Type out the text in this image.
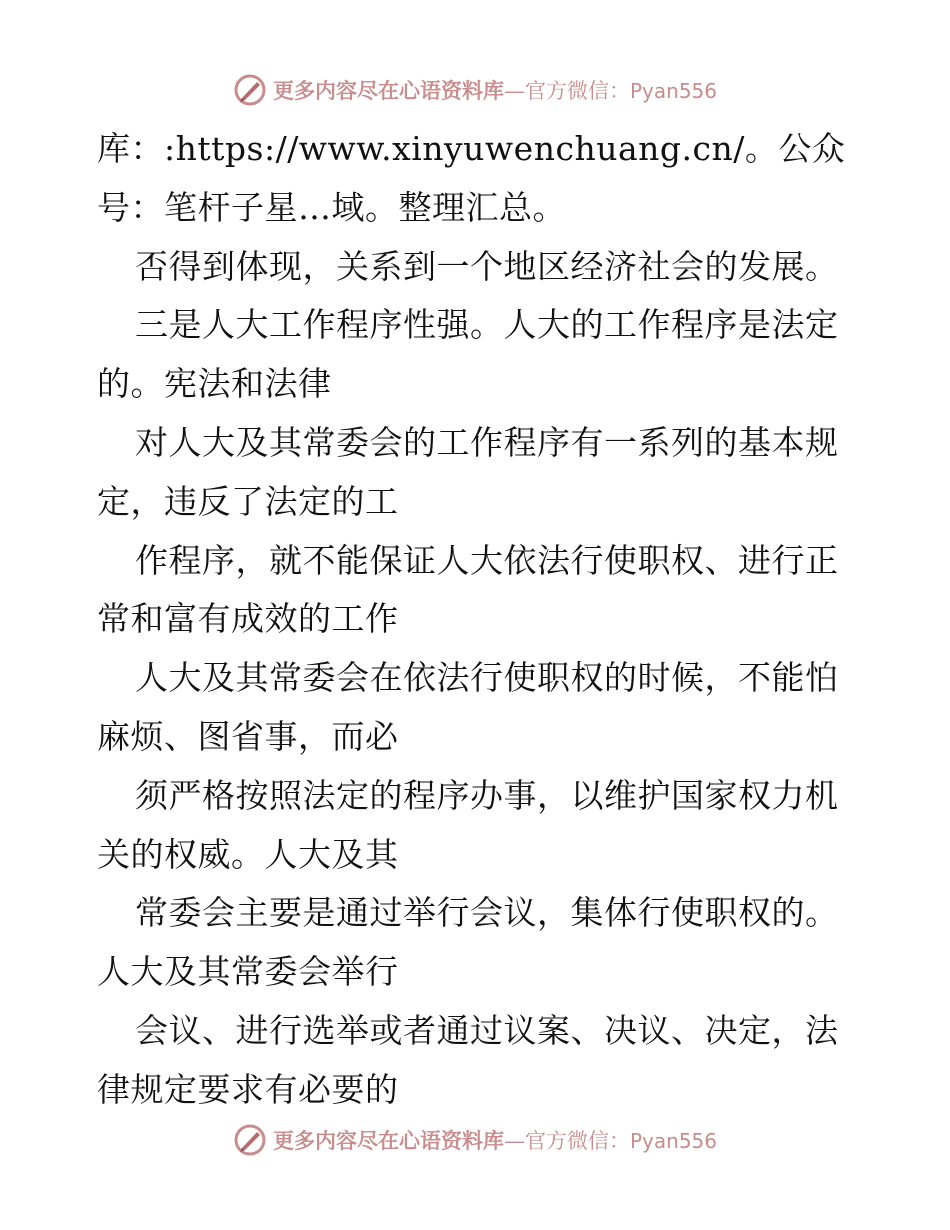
更多内容尽在心语资料库 — 官方微信： Pyan556
库：:https://www.xinyuwenchuang.cn/。公众
号：笔杆子星…域。整理汇总。
否得到体现，关系到一个地区经济社会的发展。
三是人大工作程序性强。人大的工作程序是法定
的。宪法和法律
对人大及其常委会的工作程序有一系列的基本规
定，违反了法定的工
作程序，就不能保证人大依法行使职权、进行正
常和富有成效的工作
人大及其常委会在依法行使职权的时候，不能怕
麻烦、图省事，而必
须严格按照法定的程序办事，以维护国家权力机
关的权威。人大及其
常委会主要是通过举行会议，集体行使职权的。
人大及其常委会举行
会议、进行选举或者通过议案、决议、决定，法
律规定要求有必要的
更多内容尽在心语资料库 — 官方微信： Pyan556
